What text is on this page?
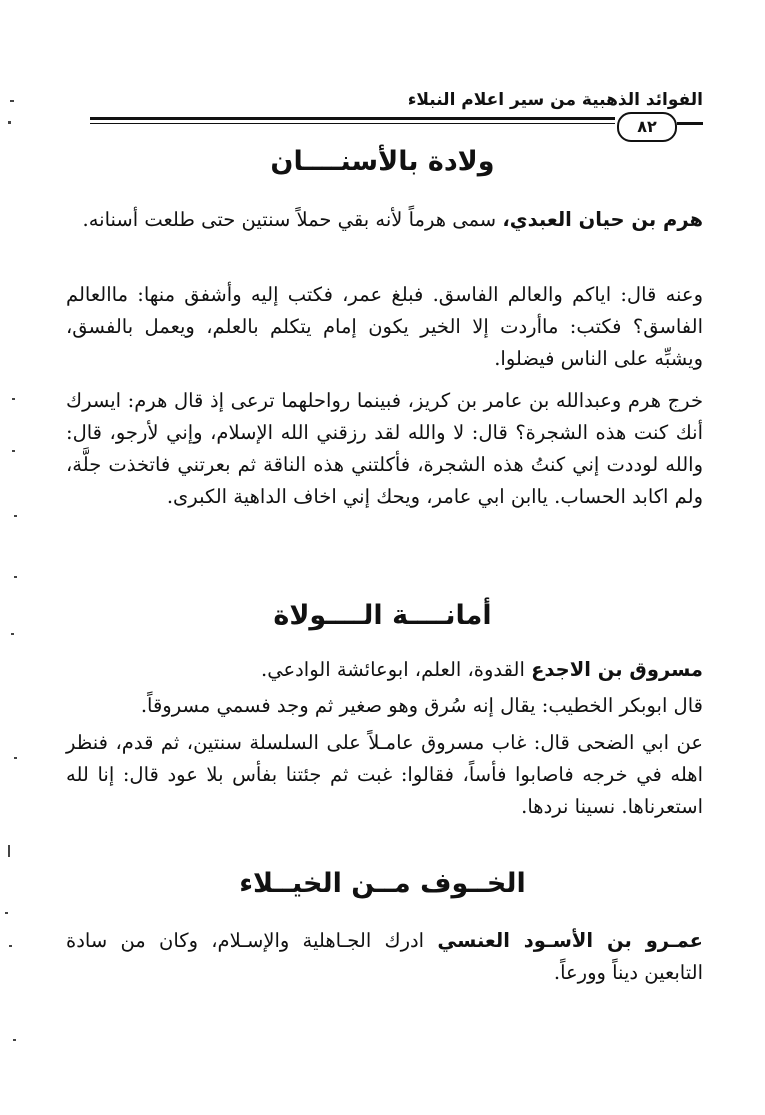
الفوائد الذهبية من سير اعلام النبلاء
٨٢
ولادة بالأسنــــان

هرم بن حيان العبدي، سمى هرماً لأنه بقي حملاً سنتين حتى طلعت أسنانه.

وعنه قال: اياكم والعالم الفاسق. فبلغ عمر، فكتب إليه وأشفق منها: ماالعالم الفاسق؟ فكتب: ماأردت إلا الخير يكون إمام يتكلم بالعلم، ويعمل بالفسق، ويشبِّه على الناس فيضلوا.

خرج هرم وعبدالله بن عامر بن كريز، فبينما رواحلهما ترعى إذ قال هرم: ايسرك أنك كنت هذه الشجرة؟ قال: لا والله لقد رزقني الله الإسلام، وإني لأرجو، قال: والله لوددت إني كنتُ هذه الشجرة، فأكلتني هذه الناقة ثم بعرتني فاتخذت جلَّة، ولم اكابد الحساب. ياابن ابي عامر، ويحك إني اخاف الداهية الكبرى.

أمانــــة الــــولاة

مسروق بن الاجدع القدوة، العلم، ابوعائشة الوادعي.

قال ابوبكر الخطيب: يقال إنه سُرق وهو صغير ثم وجد فسمي مسروقاً.

عن ابي الضحى قال: غاب مسروق عامـلاً على السلسلة سنتين، ثم قدم، فنظر اهله في خرجه فاصابوا فأساً، فقالوا: غبت ثم جئتنا بفأس بلا عود قال: إنا لله استعرناها. نسينا نردها.

الخــوف مــن الخيــلاء

عمـرو بن الأسـود العنسي ادرك الجـاهلية والإسـلام، وكان من سادة التابعين ديناً وورعاً.
